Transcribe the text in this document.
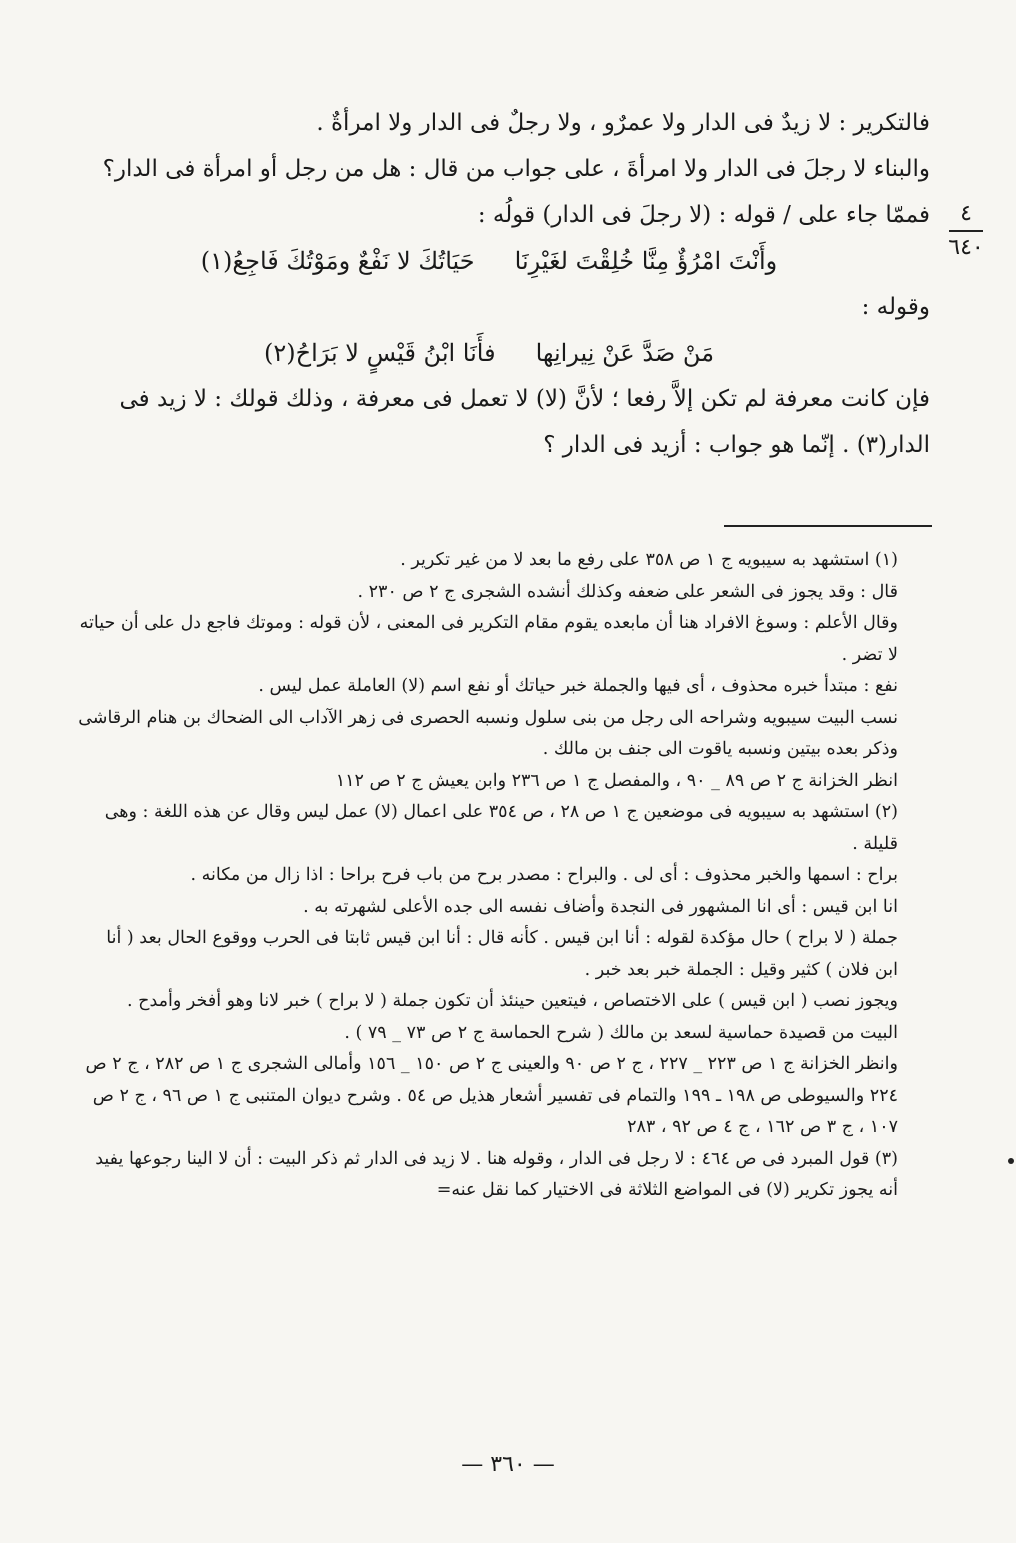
فالتكرير : لا زيدٌ فى الدار ولا عمرٌو ، ولا رجلٌ فى الدار ولا امرأةٌ .
والبناء لا رجلَ فى الدار ولا امرأةَ ، على جواب من قال : هل من رجل أو امرأة فى الدار؟
فممّا جاء على / قوله : (لا رجلَ فى الدار) قولُه :
وأَنْتَ امْرُؤٌ مِنَّا خُلِقْتَ لغَيْرِنَا
حَيَاتُكَ لا نَفْعٌ ومَوْتُكَ فَاجِعُ(١)
وقوله :
مَنْ صَدَّ عَنْ نِيرانِها
فأَنَا ابْنُ قَيْسٍ لا بَرَاحُ(٢)
فإن كانت معرفة لم تكن إلاَّ رفعا ؛ لأنَّ (لا) لا تعمل فى معرفة ، وذلك قولك : لا زيد فى
الدار(٣) . إنّما هو جواب : أزيد فى الدار ؟
٤
٦٤٠

(١) استشهد به سيبويه ج ١ ص ٣٥٨ على رفع ما بعد لا من غير تكرير .

قال : وقد يجوز فى الشعر على ضعفه وكذلك أنشده الشجرى ج ٢ ص ٢٣٠ .

وقال الأعلم : وسوغ الافراد هنا أن مابعده يقوم مقام التكرير فى المعنى ، لأن قوله : وموتك فاجع دل على أن حياته لا تضر .

نفع : مبتدأ خبره محذوف ، أى فيها والجملة خبر حياتك أو نفع اسم (لا) العاملة عمل ليس .

نسب البيت سيبويه وشراحه الى رجل من بنى سلول ونسبه الحصرى فى زهر الآداب الى الضحاك بن هنام الرقاشى وذكر بعده بيتين ونسبه ياقوت الى جنف بن مالك .

انظر الخزانة ج ٢ ص ٨٩ _ ٩٠ ، والمفصل ج ١ ص ٢٣٦ وابن يعيش ج ٢ ص ١١٢

(٢) استشهد به سيبويه فى موضعين ج ١ ص ٢٨ ، ص ٣٥٤ على اعمال (لا) عمل ليس وقال عن هذه اللغة : وهى قليلة .

براح : اسمها والخبر محذوف : أى لى . والبراح : مصدر برح من باب فرح براحا : اذا زال من مكانه .

انا ابن قيس : أى انا المشهور فى النجدة وأضاف نفسه الى جده الأعلى لشهرته به .

جملة ( لا براح ) حال مؤكدة لقوله : أنا ابن قيس . كأنه قال : أنا ابن قيس ثابتا فى الحرب ووقوع الحال بعد ( أنا ابن فلان ) كثير وقيل : الجملة خبر بعد خبر .

ويجوز نصب ( ابن قيس ) على الاختصاص ، فيتعين حينئذ أن تكون جملة ( لا براح ) خبر لانا وهو أفخر وأمدح .

البيت من قصيدة حماسية لسعد بن مالك ( شرح الحماسة ج ٢ ص ٧٣ _ ٧٩ ) .

وانظر الخزانة ج ١ ص ٢٢٣ _ ٢٢٧ ، ج ٢ ص ٩٠ والعينى ج ٢ ص ١٥٠ _ ١٥٦ وأمالى الشجرى ج ١ ص ٢٨٢ ، ج ٢ ص ٢٢٤ والسيوطى ص ١٩٨ ـ ١٩٩ والتمام فى تفسير أشعار هذيل ص ٥٤ . وشرح ديوان المتنبى ج ١ ص ٩٦ ، ج ٢ ص ١٠٧ ، ج ٣ ص ١٦٢ ، ج ٤ ص ٩٢ ، ٢٨٣

(٣) قول المبرد فى ص ٤٦٤ : لا رجل فى الدار ، وقوله هنا . لا زيد فى الدار ثم ذكر البيت : أن لا الينا رجوعها يفيد أنه يجوز تكرير (لا) فى المواضع الثلاثة فى الاختيار كما نقل عنه=

— ٣٦٠ —
